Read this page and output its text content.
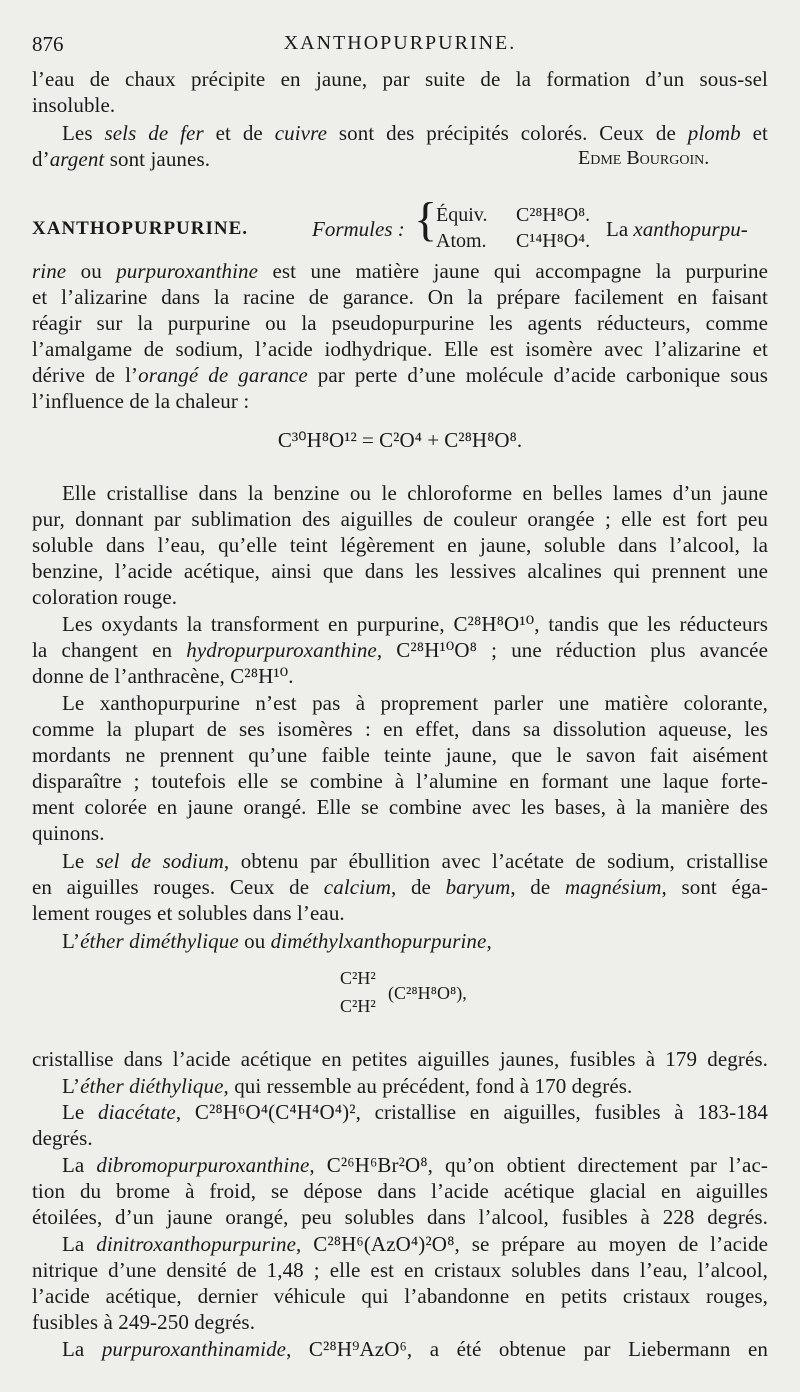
876	XANTHOPURPURINE.
l’eau de chaux précipite en jaune, par suite de la formation d’un sous-sel
insoluble.
Les sels de fer et de cuivre sont des précipités colorés. Ceux de plomb et
d’argent sont jaunes.	Edme Bourgoin.
XANTHOPURPURINE.	Formules : {
Équiv. C²⁸H⁸O⁸.
Atom. C¹⁴H⁸O⁴. La xanthopurpu-
rine ou purpuroxanthine est une matière jaune qui accompagne la purpurine
et l’alizarine dans la racine de garance. On la prépare facilement en faisant
réagir sur la purpurine ou la pseudopurpurine les agents réducteurs, comme
l’amalgame de sodium, l’acide iodhydrique. Elle est isomère avec l’alizarine et
dérive de l’orangé de garance par perte d’une molécule d’acide carbonique sous
l’influence de la chaleur :
C³⁰H⁸O¹² = C²O⁴ + C²⁸H⁸O⁸.
Elle cristallise dans la benzine ou le chloroforme en belles lames d’un jaune
pur, donnant par sublimation des aiguilles de couleur orangée ; elle est fort peu
soluble dans l’eau, qu’elle teint légèrement en jaune, soluble dans l’alcool, la
benzine, l’acide acétique, ainsi que dans les lessives alcalines qui prennent une
coloration rouge.
Les oxydants la transforment en purpurine, C²⁸H⁸O¹⁰, tandis que les réducteurs
la changent en hydropurpuroxanthine, C²⁸H¹⁰O⁸ ; une réduction plus avancée
donne de l’anthracène, C²⁸H¹⁰.
Le xanthopurpurine n’est pas à proprement parler une matière colorante,
comme la plupart de ses isomères : en effet, dans sa dissolution aqueuse, les
mordants ne prennent qu’une faible teinte jaune, que le savon fait aisément
disparaître ; toutefois elle se combine à l’alumine en formant une laque forte-
ment colorée en jaune orangé. Elle se combine avec les bases, à la manière des
quinons.
Le sel de sodium, obtenu par ébullition avec l’acétate de sodium, cristallise
en aiguilles rouges. Ceux de calcium, de baryum, de magnésium, sont éga-
lement rouges et solubles dans l’eau.
L’éther diméthylique ou diméthylxanthopurpurine,
C²H²
C²H²
(C²⁸H⁸O⁸),
cristallise dans l’acide acétique en petites aiguilles jaunes, fusibles à 179 degrés.
L’éther diéthylique, qui ressemble au précédent, fond à 170 degrés.
Le diacétate, C²⁸H⁶O⁴(C⁴H⁴O⁴)², cristallise en aiguilles, fusibles à 183-184
degrés.
La dibromopurpuroxanthine, C²⁶H⁶Br²O⁸, qu’on obtient directement par l’ac-
tion du brome à froid, se dépose dans l’acide acétique glacial en aiguilles
étoilées, d’un jaune orangé, peu solubles dans l’alcool, fusibles à 228 degrés.
La dinitroxanthopurpurine, C²⁸H⁶(AzO⁴)²O⁸, se prépare au moyen de l’acide
nitrique d’une densité de 1,48 ; elle est en cristaux solubles dans l’eau, l’alcool,
l’acide acétique, dernier véhicule qui l’abandonne en petits cristaux rouges,
fusibles à 249-250 degrés.
La purpuroxanthinamide, C²⁸H⁹AzO⁶, a été obtenue par Liebermann en
